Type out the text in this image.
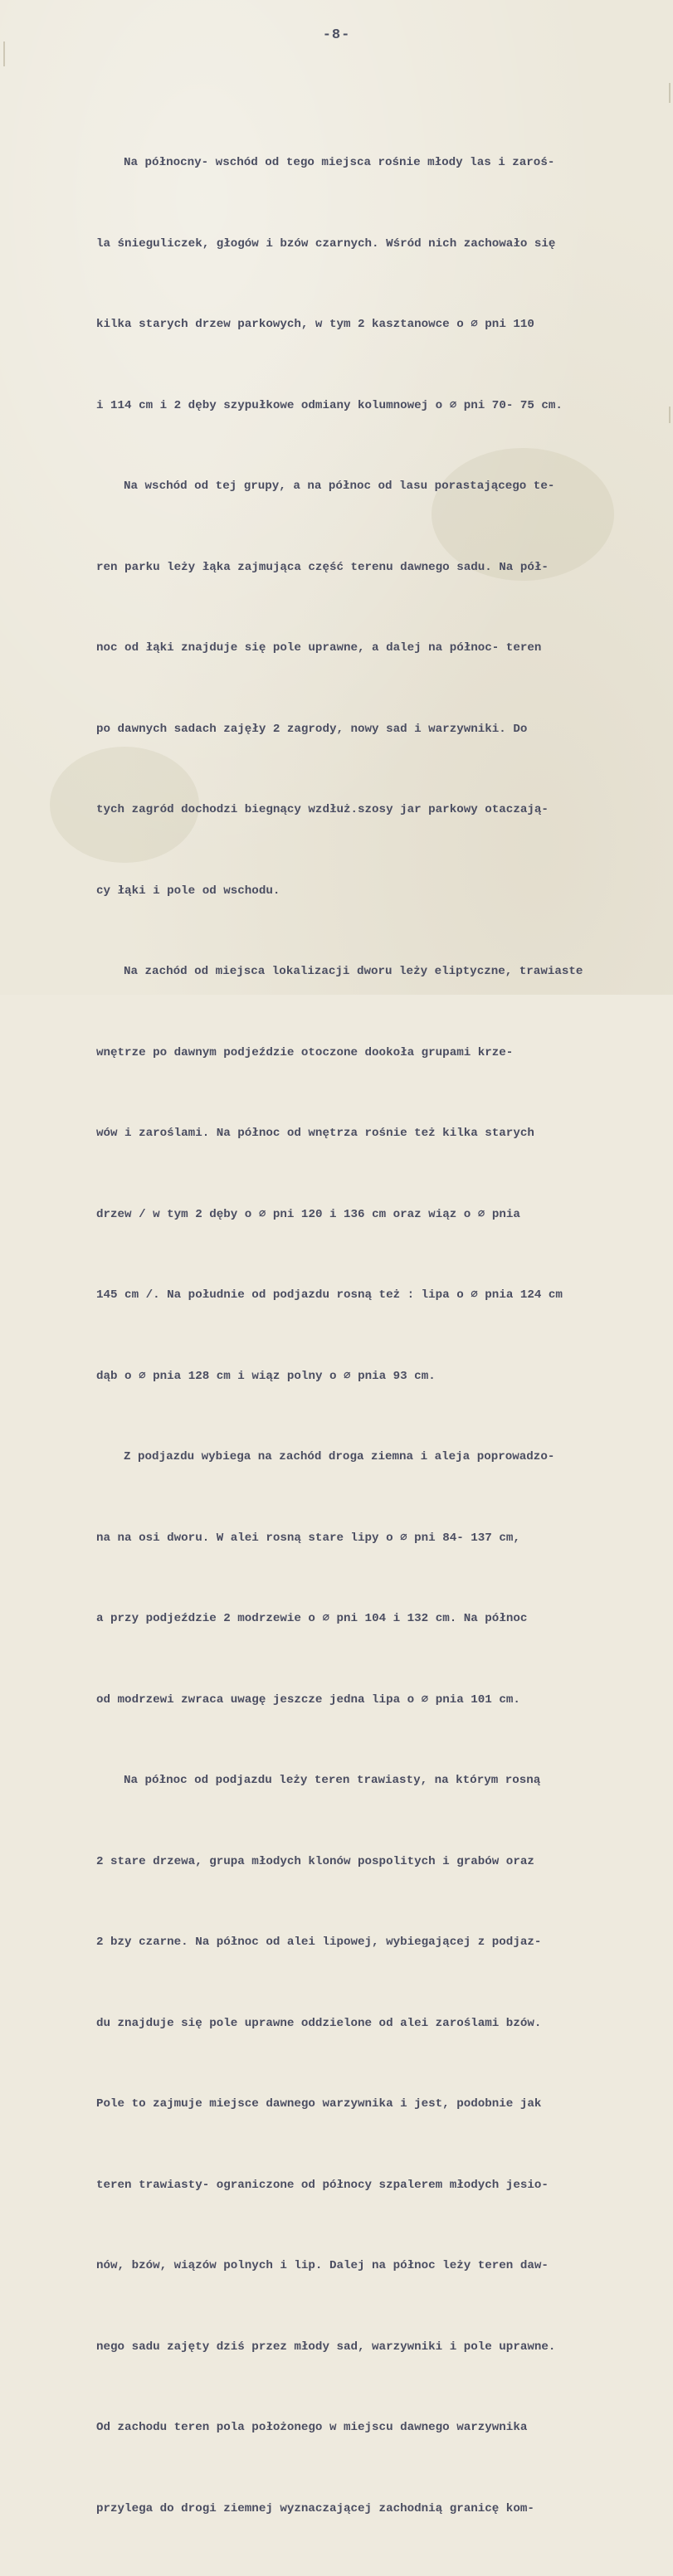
-8-

Na północny- wschód od tego miejsca rośnie młody las i zaroś-

la śnieguliczek, głogów i bzów czarnych. Wśród nich zachowało się

kilka starych drzew parkowych, w tym 2 kasztanowce o ∅ pni 110

i 114 cm i 2 dęby szypułkowe odmiany kolumnowej o ∅ pni 70- 75 cm.

Na wschód od tej grupy, a na północ od lasu porastającego te-

ren parku leży łąka zajmująca część terenu dawnego sadu. Na pół-

noc od łąki znajduje się pole uprawne, a dalej na północ- teren

po dawnych sadach zajęły 2 zagrody, nowy sad i warzywniki. Do

tych zagród dochodzi biegnący wzdłuż.szosy jar parkowy otaczają-

cy łąki i pole od wschodu.

Na zachód od miejsca lokalizacji dworu leży eliptyczne, trawiaste

wnętrze po dawnym podjeździe otoczone dookoła grupami krze-

wów i zaroślami. Na północ od wnętrza rośnie też kilka starych

drzew / w tym 2 dęby o ∅ pni 120 i 136 cm oraz wiąz o ∅ pnia

145 cm /. Na południe od podjazdu rosną też : lipa o ∅ pnia 124 cm

dąb o ∅ pnia 128 cm i wiąz polny o ∅ pnia 93 cm.

Z podjazdu wybiega na zachód droga ziemna i aleja poprowadzo-

na na osi dworu. W alei rosną stare lipy o ∅ pni 84- 137 cm,

a przy podjeździe 2 modrzewie o ∅ pni 104 i 132 cm. Na północ

od modrzewi zwraca uwagę jeszcze jedna lipa o ∅ pnia 101 cm.

Na północ od podjazdu leży teren trawiasty, na którym rosną

2 stare drzewa, grupa młodych klonów pospolitych i grabów oraz

2 bzy czarne. Na północ od alei lipowej, wybiegającej z podjaz-

du znajduje się pole uprawne oddzielone od alei zaroślami bzów.

Pole to zajmuje miejsce dawnego warzywnika i jest, podobnie jak

teren trawiasty- ograniczone od północy szpalerem młodych jesio-

nów, bzów, wiązów polnych i lip. Dalej na północ leży teren daw-

nego sadu zajęty dziś przez młody sad, warzywniki i pole uprawne.

Od zachodu teren pola położonego w miejscu dawnego warzywnika

przylega do drogi ziemnej wyznaczającej zachodnią granicę kom-
